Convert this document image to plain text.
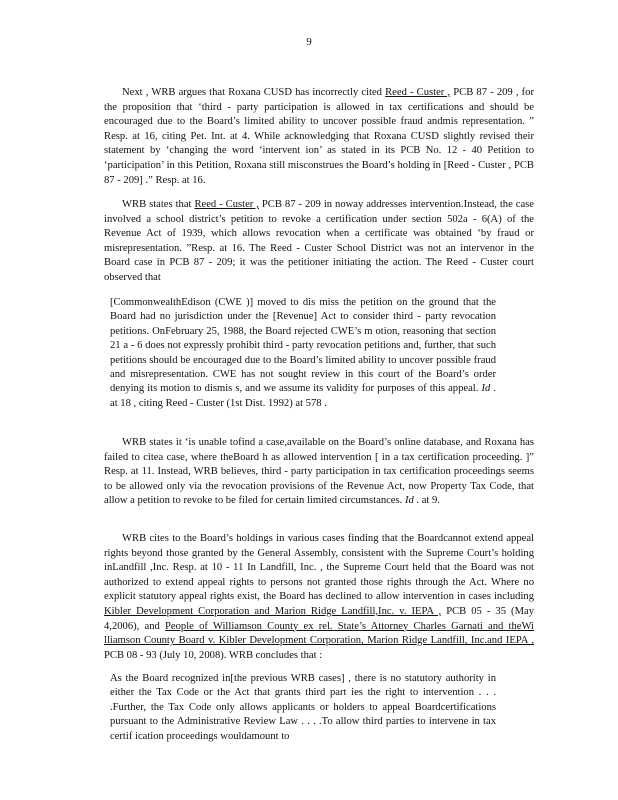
9

Next , WRB argues that Roxana CUSD has incorrectly cited Reed - Custer , PCB 87 - 209 , for the proposition that ‘third - party participation is allowed in tax certifications and should be encouraged due to the Board’s limited ability to uncover possible fraud andmis representation. ” Resp. at 16, citing Pet. Int. at 4. While acknowledging that Roxana CUSD slightly revised their statement by ‘changing the word ‘intervent ion’ as stated in its PCB No. 12 - 40 Petition to ‘participation’ in this Petition, Roxana still misconstrues the Board’s holding in [Reed - Custer , PCB 87 - 209] .” Resp. at 16.

WRB states that Reed - Custer , PCB 87 - 209 in noway addresses intervention.Instead, the case involved a school district’s petition to revoke a certification under section 502a - 6(A) of the Revenue Act of 1939, which allows revocation when a certificate was obtained ‘by fraud or misrepresentation. ”Resp. at 16. The Reed - Custer School District was not an intervenor in the Board case in PCB 87 - 209; it was the petitioner initiating the action. The Reed - Custer court observed that

[CommonwealthEdison (CWE )] moved to dis miss the petition on the ground that the Board had no jurisdiction under the [Revenue] Act to consider third - party revocation petitions. OnFebruary 25, 1988, the Board rejected CWE’s m otion, reasoning that section 21 a - 6 does not expressly prohibit third - party revocation petitions and, further, that such petitions should be encouraged due to the Board’s limited ability to uncover possible fraud and misrepresentation. CWE has not sought review in this court of the Board’s order denying its motion to dismis s, and we assume its validity for purposes of this appeal. Id . at 18 , citing Reed - Custer (1st Dist. 1992) at 578 .

WRB states it ‘is unable tofind a case,available on the Board’s online database, and Roxana has failed to citea case, where theBoard h as allowed intervention [ in a tax certification proceeding. ]” Resp. at 11. Instead, WRB believes, third - party participation in tax certification proceedings seems to be allowed only via the revocation provisions of the Revenue Act, now Property Tax Code, that allow a petition to revoke to be filed for certain limited circumstances. Id . at 9.

WRB cites to the Board’s holdings in various cases finding that the Boardcannot extend appeal rights beyond those granted by the General Assembly, consistent with the Supreme Court’s holding inLandfill ,Inc. Resp. at 10 - 11 In Landfill, Inc. , the Supreme Court held that the Board was not authorized to extend appeal rights to persons not granted those rights through the Act. Where no explicit statutory appeal rights exist, the Board has declined to allow intervention in cases including Kibler Development Corporation and Marion Ridge Landfill,Inc. v. IEPA , PCB 05 - 35 (May 4,2006), and People of Williamson County ex rel. State’s Attorney Charles Garnati and theWi lliamson County Board v. Kibler Development Corporation, Marion Ridge Landfill, Inc.and IEPA , PCB 08 - 93 (July 10, 2008). WRB concludes that :

As the Board recognized in[the previous WRB cases] , there is no statutory authority in either the Tax Code or the Act that grants third part ies the right to intervention . . . .Further, the Tax Code only allows applicants or holders to appeal Boardcertifications pursuant to the Administrative Review Law . . . .To allow third parties to intervene in tax certif ication proceedings wouldamount to
